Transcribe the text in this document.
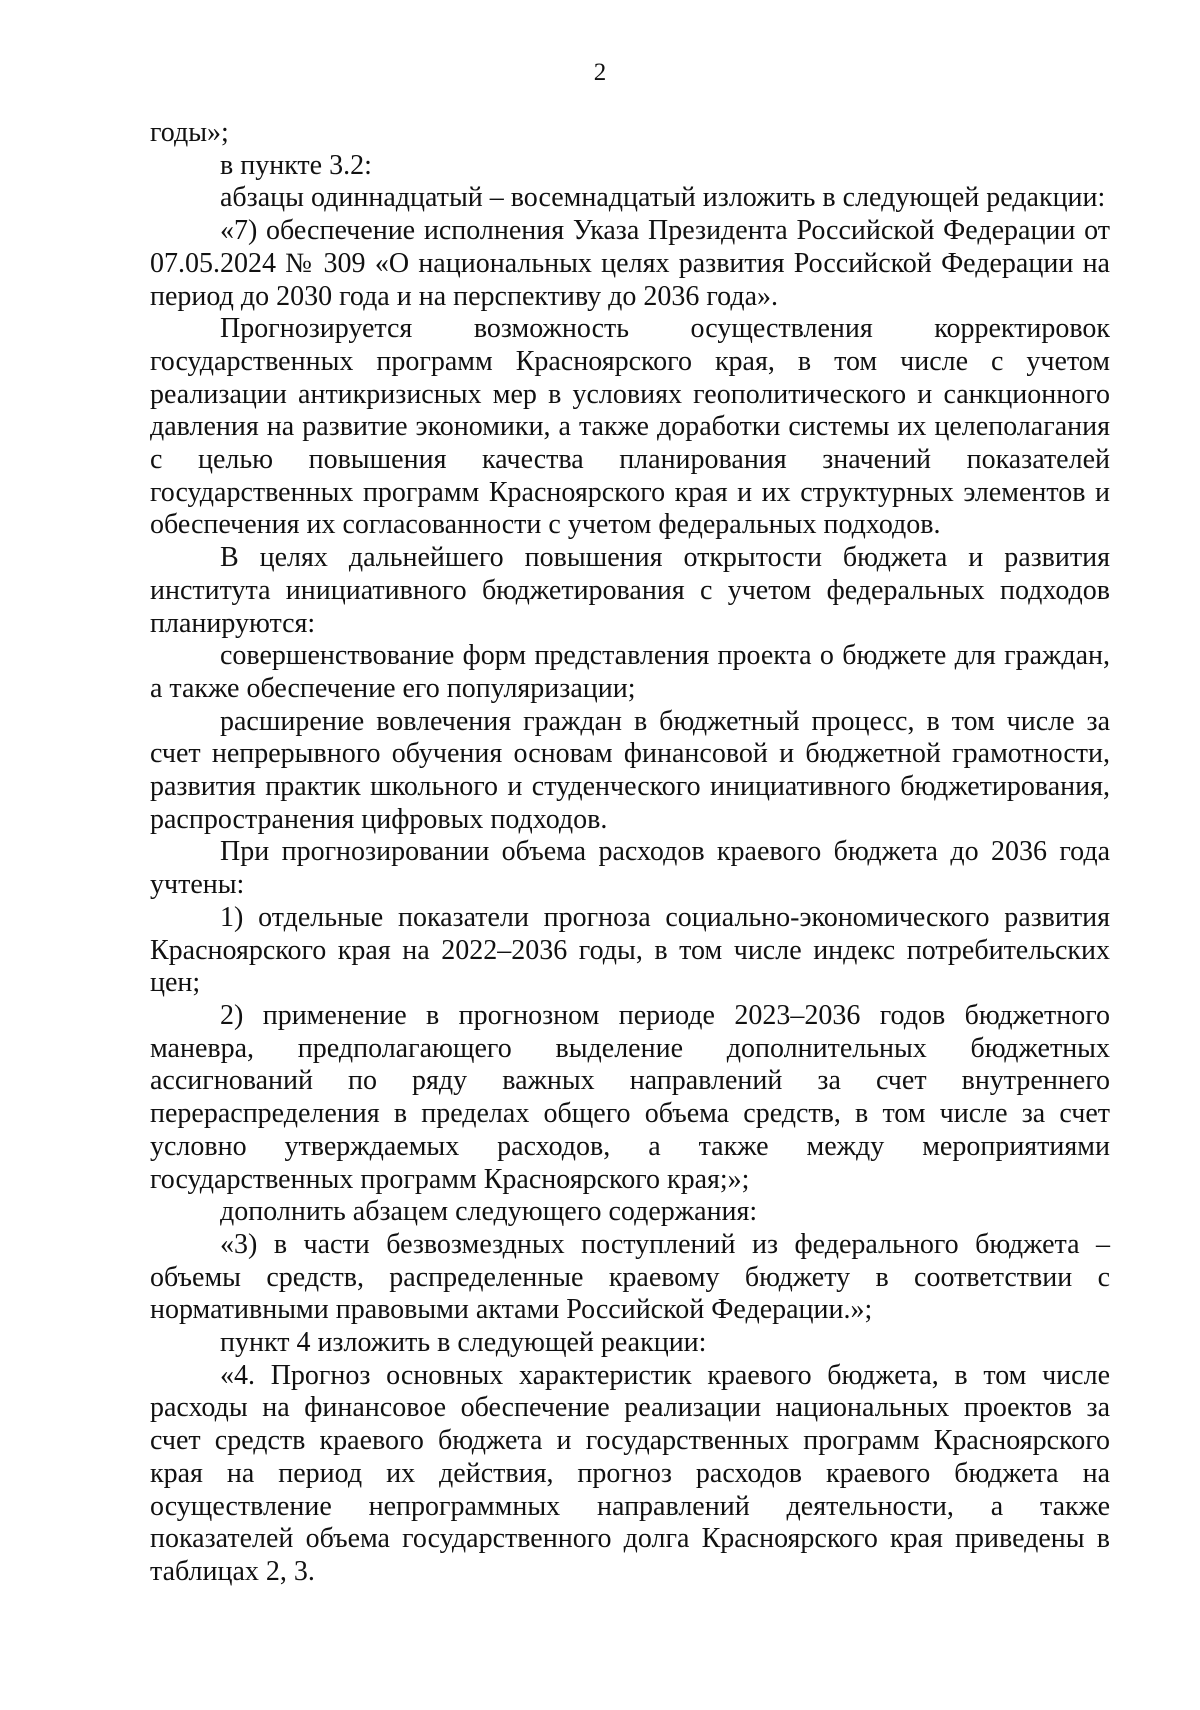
2

годы»;

в пункте 3.2:

абзацы одиннадцатый – восемнадцатый изложить в следующей редакции:

«7) обеспечение исполнения Указа Президента Российской Федерации от 07.05.2024 № 309 «О национальных целях развития Российской Федерации на период до 2030 года и на перспективу до 2036 года».

Прогнозируется возможность осуществления корректировок государственных программ Красноярского края, в том числе с учетом реализации антикризисных мер в условиях геополитического и санкционного давления на развитие экономики, а также доработки системы их целеполагания с целью повышения качества планирования значений показателей государственных программ Красноярского края и их структурных элементов и обеспечения их согласованности с учетом федеральных подходов.

В целях дальнейшего повышения открытости бюджета и развития института инициативного бюджетирования с учетом федеральных подходов планируются:

совершенствование форм представления проекта о бюджете для граждан, а также обеспечение его популяризации;

расширение вовлечения граждан в бюджетный процесс, в том числе за счет непрерывного обучения основам финансовой и бюджетной грамотности, развития практик школьного и студенческого инициативного бюджетирования, распространения цифровых подходов.

При прогнозировании объема расходов краевого бюджета до 2036 года учтены:

1) отдельные показатели прогноза социально-экономического развития Красноярского края на 2022–2036 годы, в том числе индекс потребительских цен;

2) применение в прогнозном периоде 2023–2036 годов бюджетного маневра, предполагающего выделение дополнительных бюджетных ассигнований по ряду важных направлений за счет внутреннего перераспределения в пределах общего объема средств, в том числе за счет условно утверждаемых расходов, а также между мероприятиями государственных программ Красноярского края;»;

дополнить абзацем следующего содержания:

«3) в части безвозмездных поступлений из федерального бюджета – объемы средств, распределенные краевому бюджету в соответствии с нормативными правовыми актами Российской Федерации.»;

пункт 4 изложить в следующей реакции:

«4. Прогноз основных характеристик краевого бюджета, в том числе расходы на финансовое обеспечение реализации национальных проектов за счет средств краевого бюджета и государственных программ Красноярского края на период их действия, прогноз расходов краевого бюджета на осуществление непрограммных направлений деятельности, а также показателей объема государственного долга Красноярского края приведены в таблицах 2, 3.
